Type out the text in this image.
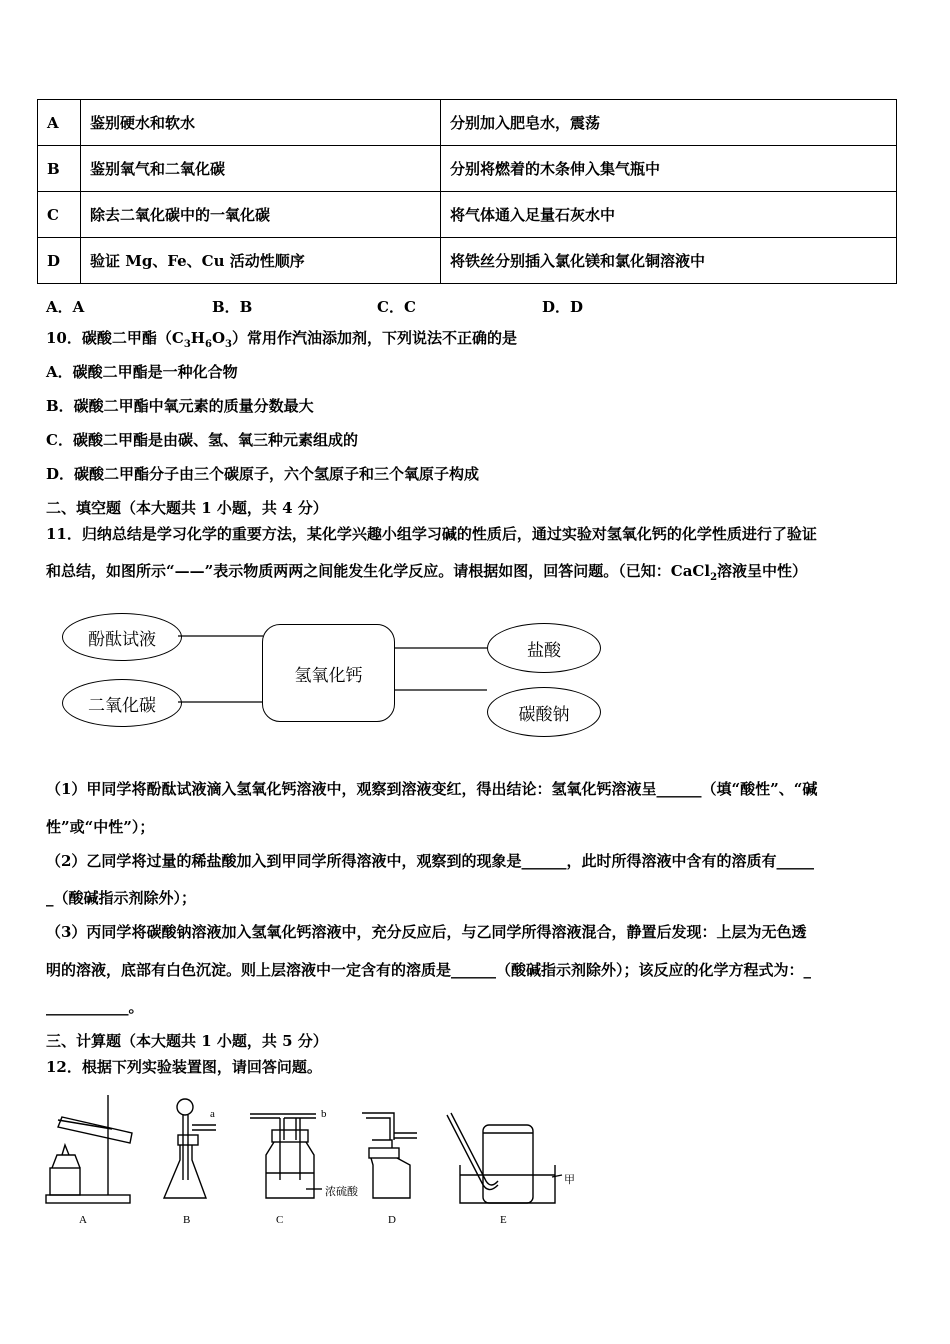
A	鉴别硬水和软水	分别加入肥皂水，震荡
B	鉴别氧气和二氧化碳	分别将燃着的木条伸入集气瓶中
C	除去二氧化碳中的一氧化碳	将气体通入足量石灰水中
D	验证 Mg、Fe、Cu 活动性顺序	将铁丝分别插入氯化镁和氯化铜溶液中
A．A	B．B	C．C	D．D
10．碳酸二甲酯$(C_3H_6O_3)$常用作汽油添加剂，下列说法不正确的是
A．碳酸二甲酯是一种化合物
B．碳酸二甲酯中氧元素的质量分数最大
C．碳酸二甲酯是由碳、氢、氧三种元素组成的
D．碳酸二甲酯分子由三个碳原子，六个氢原子和三个氧原子构成
二、填空题（本大题共 1 小题，共 4 分）
11．归纳总结是学习化学的重要方法，某化学兴趣小组学习碱的性质后，通过实验对氢氧化钙的化学性质进行了验证
和总结，如图所示“——”表示物质两两之间能发生化学反应。请根据如图，回答问题。（已知：CaCl$_2$溶液呈中性）
酚酞试液
二氧化碳
氢氧化钙
盐酸
碳酸钠
（1）甲同学将酚酞试液滴入氢氧化钙溶液中，观察到溶液变红，得出结论：氢氧化钙溶液呈______（填“酸性”、“碱
性”或“中性”）；
（2）乙同学将过量的稀盐酸加入到甲同学所得溶液中，观察到的现象是______，此时所得溶液中含有的溶质有_____
_（酸碱指示剂除外）；
（3）丙同学将碳酸钠溶液加入氢氧化钙溶液中，充分反应后，与乙同学所得溶液混合，静置后发现：上层为无色透
明的溶液，底部有白色沉淀。则上层溶液中一定含有的溶质是______（酸碱指示剂除外）；该反应的化学方程式为：_
___________。
三、计算题（本大题共 1 小题，共 5 分）
12．根据下列实验装置图，请回答问题。
a	b
浓硫酸
甲
A	B	C	D	E
